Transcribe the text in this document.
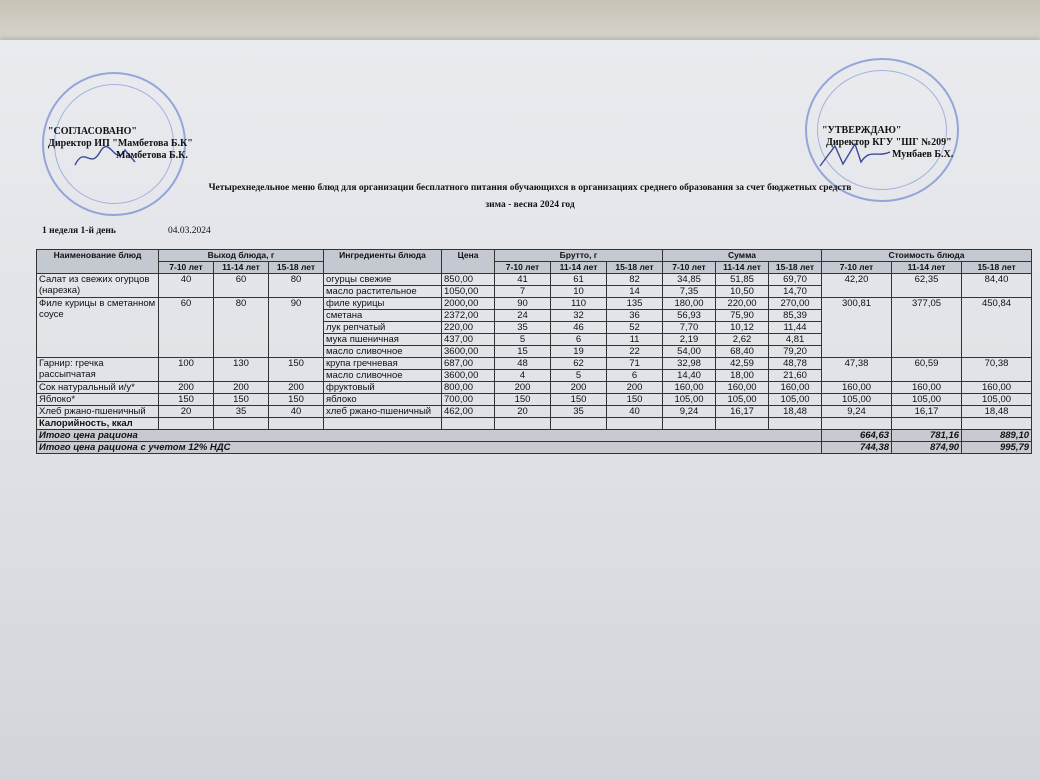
"СОГЛАСОВАНО"
Директор ИП "Мамбетова Б.К"
Мамбетова Б.К.
"УТВЕРЖДАЮ"
Директор КГУ "ШГ №209"
Мунбаев Б.Х.
Четырехнедельное меню блюд для организации бесплатного питания обучающихся в организациях среднего образования за счет бюджетных средств
зима - весна 2024 год
1 неделя 1-й день	04.03.2024
Наименование блюд	Выход блюда, г			Ингредиенты блюда	Цена	Брутто, г			Сумма			Стоимость блюда		
	7-10 лет	11-14 лет	15-18 лет			7-10 лет	11-14 лет	15-18 лет	7-10 лет	11-14 лет	15-18 лет	7-10 лет	11-14 лет	15-18 лет
Салат из свежих огурцов (нарезка)	40	60	80	огурцы свежие	850,00	41	61	82	34,85	51,85	69,70	42,20	62,35	84,40
				масло растительное	1050,00	7	10	14	7,35	10,50	14,70			
Филе курицы в сметанном соусе	60	80	90	филе курицы	2000,00	90	110	135	180,00	220,00	270,00	300,81	377,05	450,84
				сметана	2372,00	24	32	36	56,93	75,90	85,39			
				лук репчатый	220,00	35	46	52	7,70	10,12	11,44			
				мука пшеничная	437,00	5	6	11	2,19	2,62	4,81			
				масло сливочное	3600,00	15	19	22	54,00	68,40	79,20			
Гарнир: гречка рассыпчатая	100	130	150	крупа гречневая	687,00	48	62	71	32,98	42,59	48,78	47,38	60,59	70,38
				масло сливочное	3600,00	4	5	6	14,40	18,00	21,60			
Сок натуральный и/у*	200	200	200	фруктовый	800,00	200	200	200	160,00	160,00	160,00	160,00	160,00	160,00
Яблоко*	150	150	150	яблоко	700,00	150	150	150	105,00	105,00	105,00	105,00	105,00	105,00
Хлеб ржано-пшеничный	20	35	40	хлеб ржано-пшеничный	462,00	20	35	40	9,24	16,17	18,48	9,24	16,17	18,48
Калорийность, ккал														
Итого цена рациона												664,63	781,16	889,10
Итого цена рациона с учетом 12% НДС												744,38	874,90	995,79
